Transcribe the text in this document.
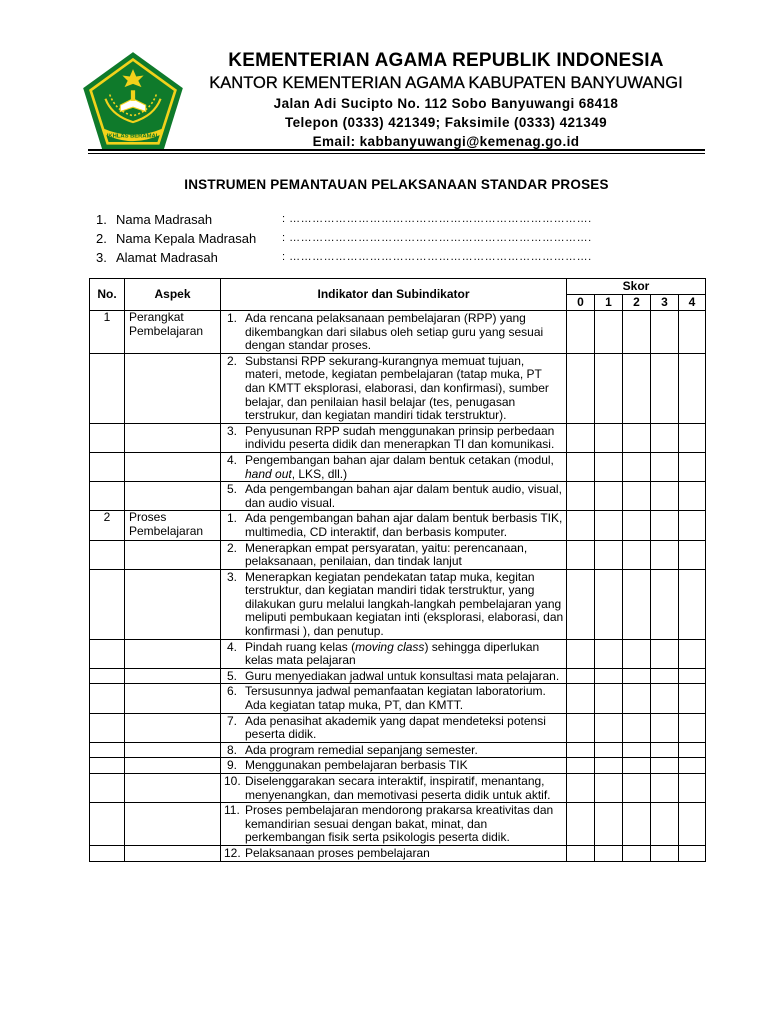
IKHLAS BERAMAL
KEMENTERIAN AGAMA REPUBLIK INDONESIA
KANTOR KEMENTERIAN AGAMA KABUPATEN BANYUWANGI
Jalan Adi Sucipto No. 112 Sobo Banyuwangi 68418
Telepon (0333) 421349; Faksimile (0333) 421349
Email: kabbanyuwangi@kemenag.go.id
INSTRUMEN PEMANTAUAN PELAKSANAAN STANDAR PROSES
1. Nama Madrasah	: …………………………………………………………………….
2. Nama Kepala Madrasah : …………………………………………………………………….
3. Alamat Madrasah	: …………………………………………………………………….
No.	Aspek	Indikator dan Subindikator	Skor				
			0	1	2	3	4
1	Perangkat Pembelajaran	1. Ada rencana pelaksanaan pembelajaran (RPP) yang dikembangkan dari silabus oleh setiap guru yang sesuai dengan standar proses.					

		2. Substansi RPP sekurang-kurangnya memuat tujuan, materi, metode, kegiatan pembelajaran (tatap muka, PT dan KMTT eksplorasi, elaborasi, dan konfirmasi), sumber belajar, dan penilaian hasil belajar (tes, penugasan terstrukur, dan kegiatan mandiri tidak terstruktur).					

		3. Penyusunan RPP sudah menggunakan prinsip perbedaan individu peserta didik dan menerapkan TI dan komunikasi.					

		4. Pengembangan bahan ajar dalam bentuk cetakan (modul, hand out, LKS, dll.)					

		5. Ada pengembangan bahan ajar dalam bentuk audio, visual, dan audio visual.					
2	Proses Pembelajaran	1. Ada pengembangan bahan ajar dalam bentuk berbasis TIK, multimedia, CD interaktif, dan berbasis komputer.					

		2. Menerapkan empat persyaratan, yaitu: perencanaan, pelaksanaan, penilaian, dan tindak lanjut					

		3. Menerapkan kegiatan pendekatan tatap muka, kegitan terstruktur, dan kegiatan mandiri tidak terstruktur, yang dilakukan guru melalui langkah-langkah pembelajaran yang meliputi pembukaan kegiatan inti (eksplorasi, elaborasi, dan konfirmasi ), dan penutup.					

		4. Pindah ruang kelas (moving class) sehingga diperlukan kelas mata pelajaran					

		5. Guru menyediakan jadwal untuk konsultasi mata pelajaran.					

		6. Tersusunnya jadwal pemanfaatan kegiatan laboratorium. Ada kegiatan tatap muka, PT, dan KMTT.					

		7. Ada penasihat akademik yang dapat mendeteksi potensi peserta didik.					

		8. Ada program remedial sepanjang semester.					

		9. Menggunakan pembelajaran berbasis TIK					

		10. Diselenggarakan secara interaktif, inspiratif, menantang, menyenangkan, dan memotivasi peserta didik untuk aktif.					

		11. Proses pembelajaran mendorong prakarsa kreativitas dan kemandirian sesuai dengan bakat, minat, dan perkembangan fisik serta psikologis peserta didik.					

		12. Pelaksanaan proses pembelajaran					
